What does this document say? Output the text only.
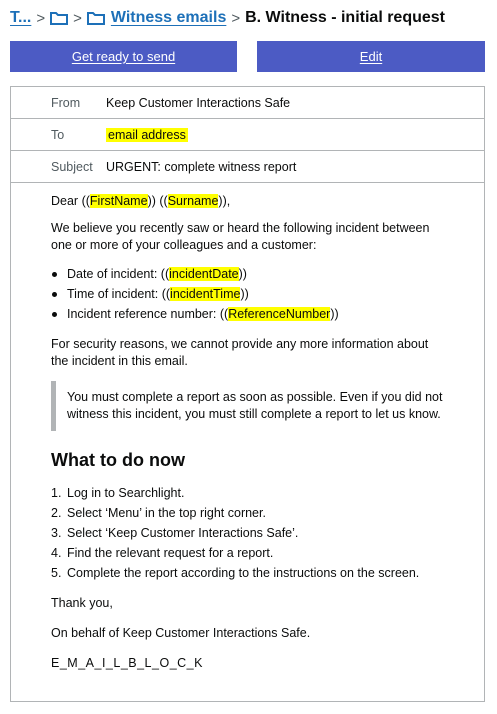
T... > > Witness emails > B. Witness - initial request
Get ready to send	Edit
From	Keep Customer Interactions Safe
To	email address
Subject	URGENT: complete witness report
Dear ((FirstName)) ((Surname)),

We believe you recently saw or heard the following incident between one or more of your colleagues and a customer:

Date of incident: ((incidentDate))
Time of incident: ((incidentTime))
Incident reference number: ((ReferenceNumber))

For security reasons, we cannot provide any more information about the incident in this email.

You must complete a report as soon as possible. Even if you did not witness this incident, you must still complete a report to let us know.
What to do now
1. Log in to Searchlight.
2. Select ‘Menu’ in the top right corner.
3. Select ‘Keep Customer Interactions Safe’.
4. Find the relevant request for a report.
5. Complete the report according to the instructions on the screen.

Thank you,

On behalf of Keep Customer Interactions Safe.

E_M_A_I_L_B_L_O_C_K
